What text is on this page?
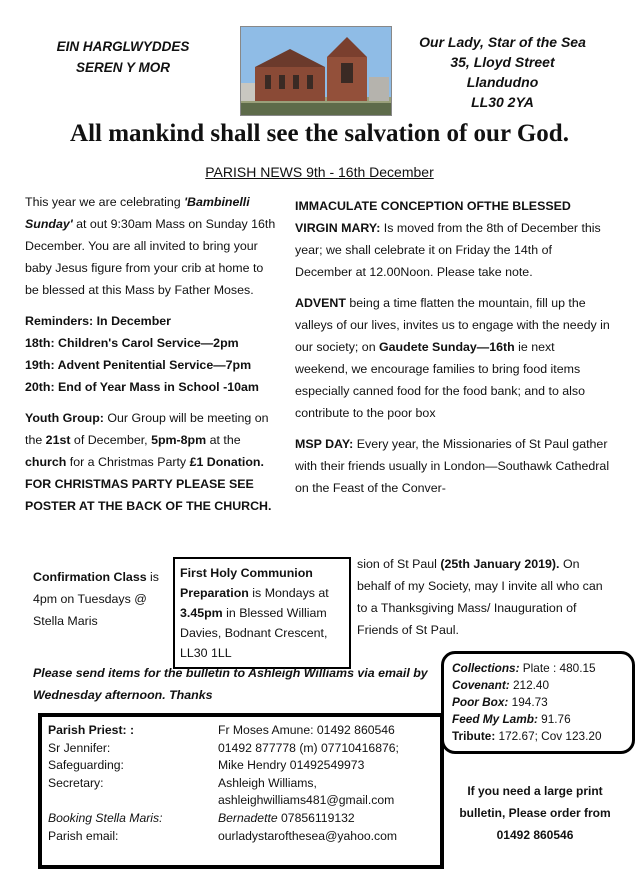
EIN HARGLWYDDES
SEREN Y MOR
Our Lady, Star of the Sea
35, Lloyd Street
Llandudno
LL30 2YA
All mankind shall see the salvation of our God.
PARISH NEWS 9th - 16th December

This year we are celebrating 'Bambinelli Sunday' at out 9:30am Mass on Sunday 16th December. You are all invited to bring your baby Jesus figure from your crib at home to be blessed at this Mass by Father Moses.

Reminders: In December
18th: Children's Carol Service—2pm
19th: Advent Penitential Service—7pm
20th: End of Year Mass in School -10am

Youth Group: Our Group will be meeting on the 21st of December, 5pm-8pm at the church for a Christmas Party £1 Donation.

FOR CHRISTMAS PARTY PLEASE SEE POSTER AT THE BACK OF THE CHURCH.

IMMACULATE CONCEPTION OFTHE BLESSED VIRGIN MARY: Is moved from the 8th of December this year; we shall celebrate it on Friday the 14th of December at 12.00Noon. Please take note.

ADVENT being a time flatten the mountain, fill up the valleys of our lives, invites us to engage with the needy in our society; on Gaudete Sunday—16th ie next weekend, we encourage families to bring food items especially canned food for the food bank; and to also contribute to the poor box

MSP DAY: Every year, the Missionaries of St Paul gather with their friends usually in London—Southawk Cathedral on the Feast of the Conver-

Confirmation Class is 4pm on Tuesdays @ Stella Maris
First Holy Communion Preparation is Mondays at 3.45pm in Blessed William Davies, Bodnant Crescent, LL30 1LL
sion of St Paul (25th January 2019). On behalf of my Society, may I invite all who can to a Thanksgiving Mass/ Inauguration of Friends of St Paul.
Please send items for the bulletin to Ashleigh Williams via email by Wednesday afternoon. Thanks
Collections: Plate : 480.15
Covenant: 212.40
Poor Box: 194.73
Feed My Lamb: 91.76
Tribute: 172.67; Cov 123.20
Parish Priest: :	Fr Moses Amune: 01492 860546
Sr Jennifer:	01492 877778 (m) 07710416876;
Safeguarding:	Mike Hendry 01492549973
Secretary:	Ashleigh Williams,
ashleighwilliams481@gmail.com
Booking Stella Maris:	Bernadette 07856119132
Parish email:	ourladystarofthesea@yahoo.com
If you need a large print
bulletin, Please order from
01492 860546
